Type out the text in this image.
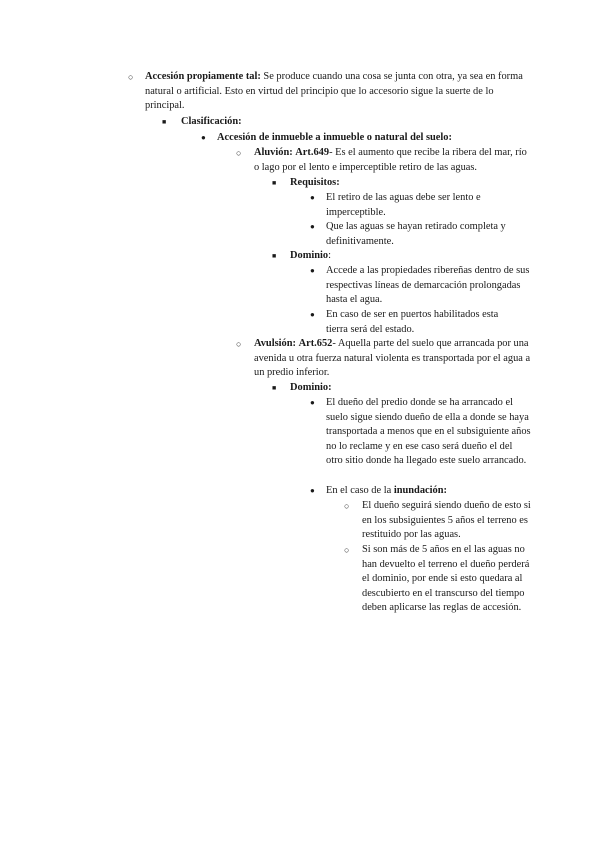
○ Accesión propiamente tal: Se produce cuando una cosa se junta con otra, ya sea en forma natural o artificial. Esto en virtud del principio que lo accesorio sigue la suerte de lo principal.
■ Clasificación:
● Accesión de inmueble a inmueble o natural del suelo:
○ Aluvión: Art.649- Es el aumento que recibe la ribera del mar, río o lago por el lento e imperceptible retiro de las aguas.
■ Requisitos:
● El retiro de las aguas debe ser lento e imperceptible.
● Que las aguas se hayan retirado completa y definitivamente.
■ Dominio:
● Accede a las propiedades ribereñas dentro de sus respectivas líneas de demarcación prolongadas hasta el agua.
● En caso de ser en puertos habilitados esta tierra será del estado.
○ Avulsión: Art.652- Aquella parte del suelo que arrancada por una avenida u otra fuerza natural violenta es transportada por el agua a un predio inferior.
■ Dominio:
● El dueño del predio donde se ha arrancado el suelo sigue siendo dueño de ella a donde se haya transportada a menos que en el subsiguiente años no lo reclame y en ese caso será dueño el del otro sitio donde ha llegado este suelo arrancado.
● En el caso de la inundación:
○ El dueño seguirá siendo dueño de esto si en los subsiguientes 5 años el terreno es restituido por las aguas.
○ Si son más de 5 años en el las aguas no han devuelto el terreno el dueño perderá el dominio, por ende si esto quedara al descubierto en el transcurso del tiempo deben aplicarse las reglas de accesión.
